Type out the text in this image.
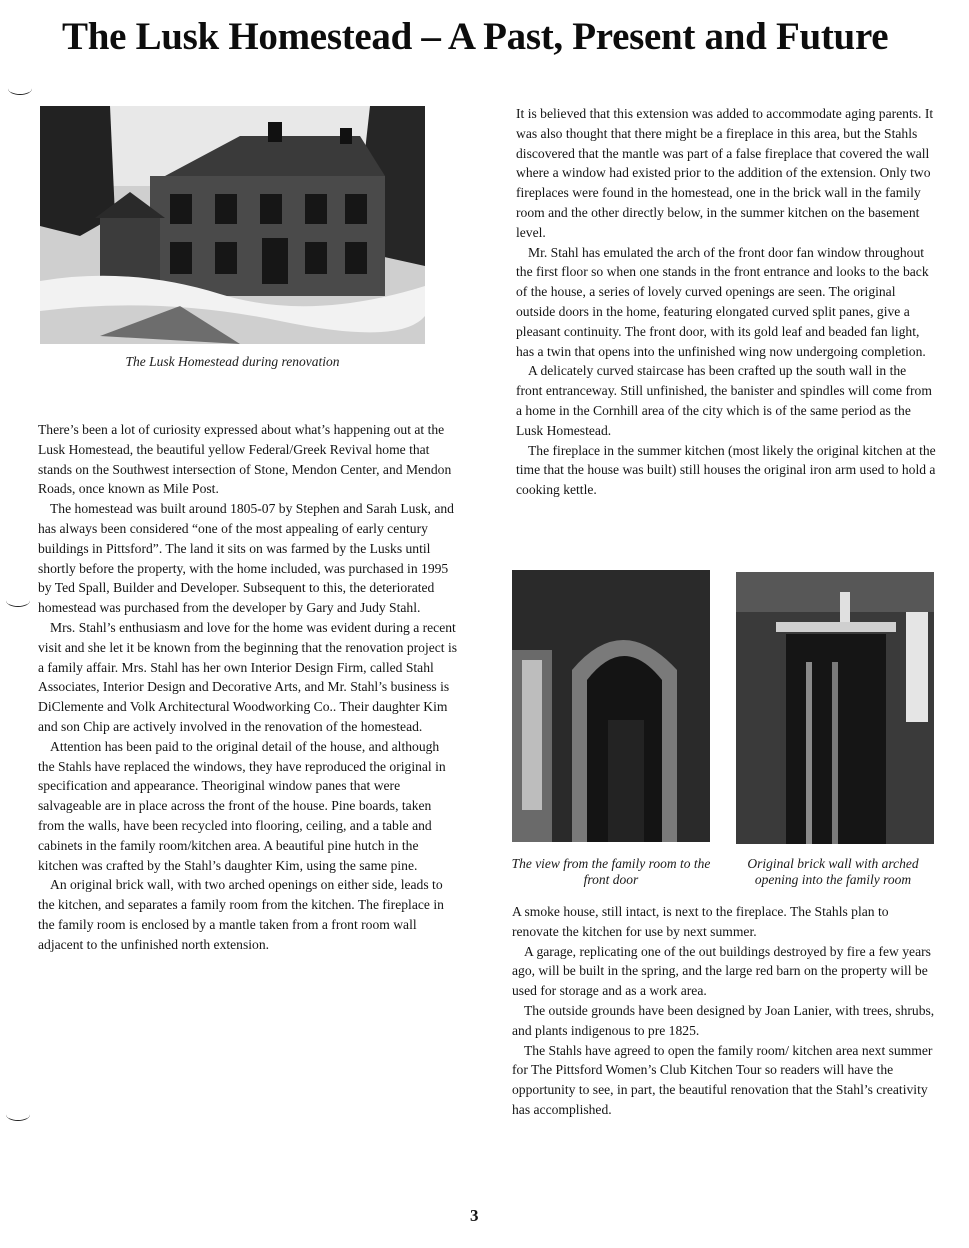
The Lusk Homestead – A Past, Present and Future
The Lusk Homestead during renovation

There’s been a lot of curiosity expressed about what’s happening out at the Lusk Homestead, the beautiful yellow Federal/Greek Revival home that stands on the Southwest intersection of Stone, Mendon Center, and Mendon Roads, once known as Mile Post.

The homestead was built around 1805-07 by Stephen and Sarah Lusk, and has always been considered “one of the most appealing of early century buildings in Pittsford”. The land it sits on was farmed by the Lusks until shortly before the property, with the home included, was purchased in 1995 by Ted Spall, Builder and Developer. Subsequent to this, the deteriorated homestead was purchased from the developer by Gary and Judy Stahl.

Mrs. Stahl’s enthusiasm and love for the home was evident during a recent visit and she let it be known from the beginning that the renovation project is a family affair. Mrs. Stahl has her own Interior Design Firm, called Stahl Associates, Interior Design and Decorative Arts, and Mr. Stahl’s business is DiClemente and Volk Architectural Woodworking Co.. Their daughter Kim and son Chip are actively involved in the renovation of the homestead.

Attention has been paid to the original detail of the house, and although the Stahls have replaced the windows, they have reproduced the original in specification and appearance. Theoriginal window panes that were salvageable are in place across the front of the house. Pine boards, taken from the walls, have been recycled into flooring, ceiling, and a table and cabinets in the family room/kitchen area. A beautiful pine hutch in the kitchen was crafted by the Stahl’s daughter Kim, using the same pine.

An original brick wall, with two arched openings on either side, leads to the kitchen, and separates a family room from the kitchen. The fireplace in the family room is enclosed by a mantle taken from a front room wall adjacent to the unfinished north extension.

It is believed that this extension was added to accommodate aging parents. It was also thought that there might be a fireplace in this area, but the Stahls discovered that the mantle was part of a false fireplace that covered the wall where a window had existed prior to the addition of the extension. Only two fireplaces were found in the homestead, one in the brick wall in the family room and the other directly below, in the summer kitchen on the basement level.

Mr. Stahl has emulated the arch of the front door fan window throughout the first floor so when one stands in the front entrance and looks to the back of the house, a series of lovely curved openings are seen. The original outside doors in the home, featuring elongated curved split panes, give a pleasant continuity. The front door, with its gold leaf and beaded fan light, has a twin that opens into the unfinished wing now undergoing completion.

A delicately curved staircase has been crafted up the south wall in the front entranceway. Still unfinished, the banister and spindles will come from a home in the Cornhill area of the city which is of the same period as the Lusk Homestead.

The fireplace in the summer kitchen (most likely the original kitchen at the time that the house was built) still houses the original iron arm used to hold a cooking kettle.

The view from the family room to the front door
Original brick wall with arched opening into the family room

A smoke house, still intact, is next to the fireplace. The Stahls plan to renovate the kitchen for use by next summer.

A garage, replicating one of the out buildings destroyed by fire a few years ago, will be built in the spring, and the large red barn on the property will be used for storage and as a work area.

The outside grounds have been designed by Joan Lanier, with trees, shrubs, and plants indigenous to pre 1825.

The Stahls have agreed to open the family room/ kitchen area next summer for The Pittsford Women’s Club Kitchen Tour so readers will have the opportunity to see, in part, the beautiful renovation that the Stahl’s creativity has accomplished.

3
